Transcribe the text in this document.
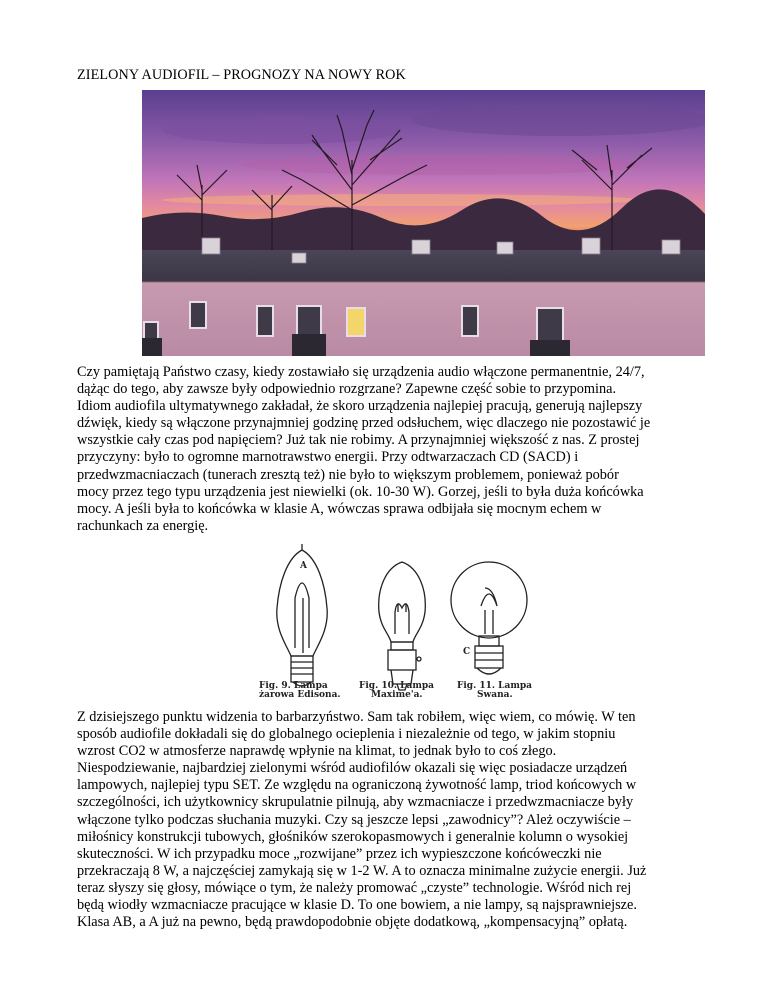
ZIELONY AUDIOFIL – PROGNOZY NA NOWY ROK
Czy pamiętają Państwo czasy, kiedy zostawiało się urządzenia audio włączone permanentnie, 24/7,
dążąc do tego, aby zawsze były odpowiednio rozgrzane? Zapewne część sobie to przypomina.
Idiom audiofila ultymatywnego zakładał, że skoro urządzenia najlepiej pracują, generują najlepszy
dźwięk, kiedy są włączone przynajmniej godzinę przed odsłuchem, więc dlaczego nie pozostawić je
wszystkie cały czas pod napięciem? Już tak nie robimy. A przynajmniej większość z nas. Z prostej
przyczyny: było to ogromne marnotrawstwo energii. Przy odtwarzaczach CD (SACD) i
przedwzmacniaczach (tunerach zresztą też) nie było to większym problemem, ponieważ pobór
mocy przez tego typu urządzenia jest niewielki (ok. 10-30 W). Gorzej, jeśli to była duża końcówka
mocy. A jeśli była to końcówka w klasie A, wówczas sprawa odbijała się mocnym echem w
rachunkach za energię.
A
C
Fig. 9. Lampa
żarowa Edisona.
Fig. 10. Lampa
Maxime'a.
Fig. 11. Lampa
Swana.
Z dzisiejszego punktu widzenia to barbarzyństwo. Sam tak robiłem, więc wiem, co mówię. W ten
sposób audiofile dokładali się do globalnego ocieplenia i niezależnie od tego, w jakim stopniu
wzrost CO2 w atmosferze naprawdę wpłynie na klimat, to jednak było to coś złego.
Niespodziewanie, najbardziej zielonymi wśród audiofilów okazali się więc posiadacze urządzeń
lampowych, najlepiej typu SET. Ze względu na ograniczoną żywotność lamp, triod końcowych w
szczególności, ich użytkownicy skrupulatnie pilnują, aby wzmacniacze i przedwzmacniacze były
włączone tylko podczas słuchania muzyki. Czy są jeszcze lepsi „zawodnicy”? Ależ oczywiście –
miłośnicy konstrukcji tubowych, głośników szerokopasmowych i generalnie kolumn o wysokiej
skuteczności. W ich przypadku moce „rozwijane” przez ich wypieszczone końcóweczki nie
przekraczają 8 W, a najczęściej zamykają się w 1-2 W. A to oznacza minimalne zużycie energii. Już
teraz słyszy się głosy, mówiące o tym, że należy promować „czyste” technologie. Wśród nich rej
będą wiodły wzmacniacze pracujące w klasie D. To one bowiem, a nie lampy, są najsprawniejsze.
Klasa AB, a A już na pewno, będą prawdopodobnie objęte dodatkową, „kompensacyjną” opłatą.
